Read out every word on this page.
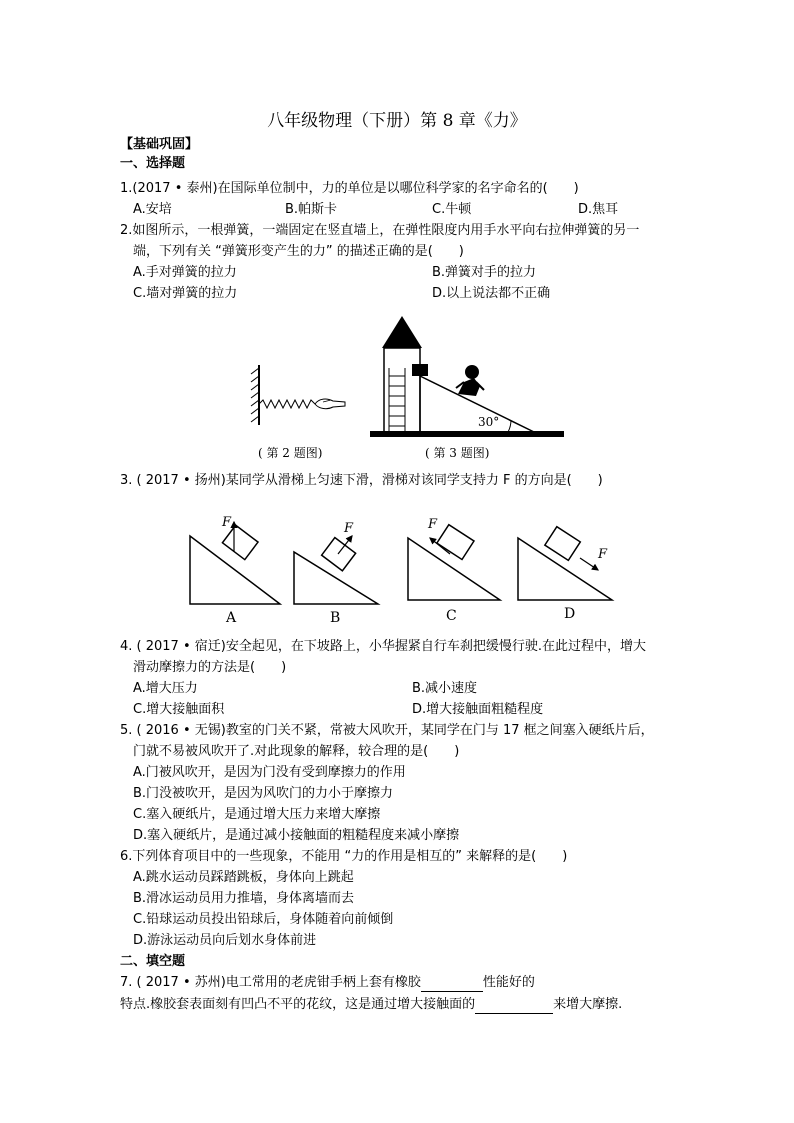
八年级物理（下册）第 8 章《力》
【基础巩固】
一、选择题
1.(2017 • 泰州)在国际单位制中，力的单位是以哪位科学家的名字命名的(　　)
A.安培	B.帕斯卡	C.牛顿	D.焦耳
2.如图所示，一根弹簧，一端固定在竖直墙上，在弹性限度内用手水平向右拉伸弹簧的另一
端，下列有关 “弹簧形变产生的力” 的描述正确的是(　　)
A.手对弹簧的拉力	B.弹簧对手的拉力
C.墙对弹簧的拉力	D.以上说法都不正确
( 第 2 题图)
30°
( 第 3 题图)
3. ( 2017 • 扬州)某同学从滑梯上匀速下滑，滑梯对该同学支持力 F 的方向是(　　)
F
A
F
B
F
C
F
D
4. ( 2017 • 宿迁)安全起见，在下坡路上，小华握紧自行车刹把缓慢行驶.在此过程中，增大
滑动摩擦力的方法是(　　)
A.增大压力	B.减小速度
C.增大接触面积	D.增大接触面粗糙程度
5. ( 2016 • 无锡)教室的门关不紧，常被大风吹开，某同学在门与 17 框之间塞入硬纸片后，
门就不易被风吹开了.对此现象的解释，较合理的是(　　)
A.门被风吹开，是因为门没有受到摩擦力的作用
B.门没被吹开，是因为风吹门的力小于摩擦力
C.塞入硬纸片，是通过增大压力来增大摩擦
D.塞入硬纸片，是通过减小接触面的粗糙程度来减小摩擦
6.下列体育项目中的一些现象，不能用 “力的作用是相互的” 来解释的是(　　)
A.跳水运动员踩踏跳板，身体向上跳起
B.滑冰运动员用力推墙，身体离墙而去
C.铅球运动员投出铅球后，身体随着向前倾倒
D.游泳运动员向后划水身体前进
二、填空题
7. ( 2017 • 苏州)电工常用的老虎钳手柄上套有橡胶	性能好的
特点.橡胶套表面刻有凹凸不平的花纹，这是通过增大接触面的	来增大摩擦.
